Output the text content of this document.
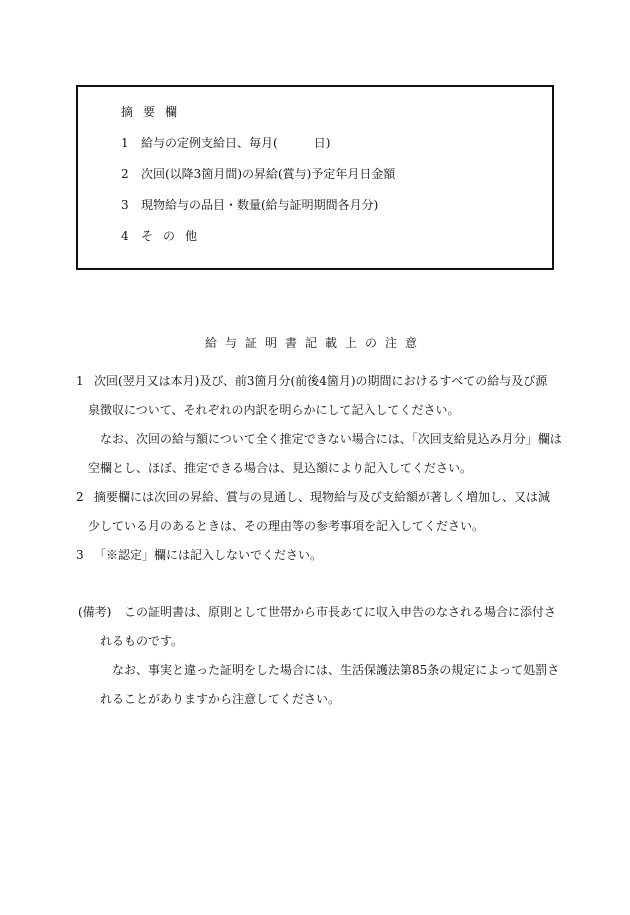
摘要欄
1 給与の定例支給日、毎月(	日)
2 次回(以降3箇月間)の昇給(賞与)予定年月日金額
3 現物給与の品目・数量(給与証明期間各月分)
4 その他
給与証明書記載上の注意
1 次回(翌月又は本月)及び、前3箇月分(前後4箇月)の期間におけるすべての給与及び源
泉徴収について、それぞれの内訳を明らかにして記入してください。
なお、次回の給与額について全く推定できない場合には、「次回支給見込み月分」欄は
空欄とし、ほぼ、推定できる場合は、見込額により記入してください。
2 摘要欄には次回の昇給、賞与の見通し、現物給与及び支給額が著しく増加し、又は減
少している月のあるときは、その理由等の参考事項を記入してください。
3 「※認定」欄には記入しないでください。
(備考) この証明書は、原則として世帯から市長あてに収入申告のなされる場合に添付さ
れるものです。
なお、事実と違った証明をした場合には、生活保護法第85条の規定によって処罰さ
れることがありますから注意してください。
